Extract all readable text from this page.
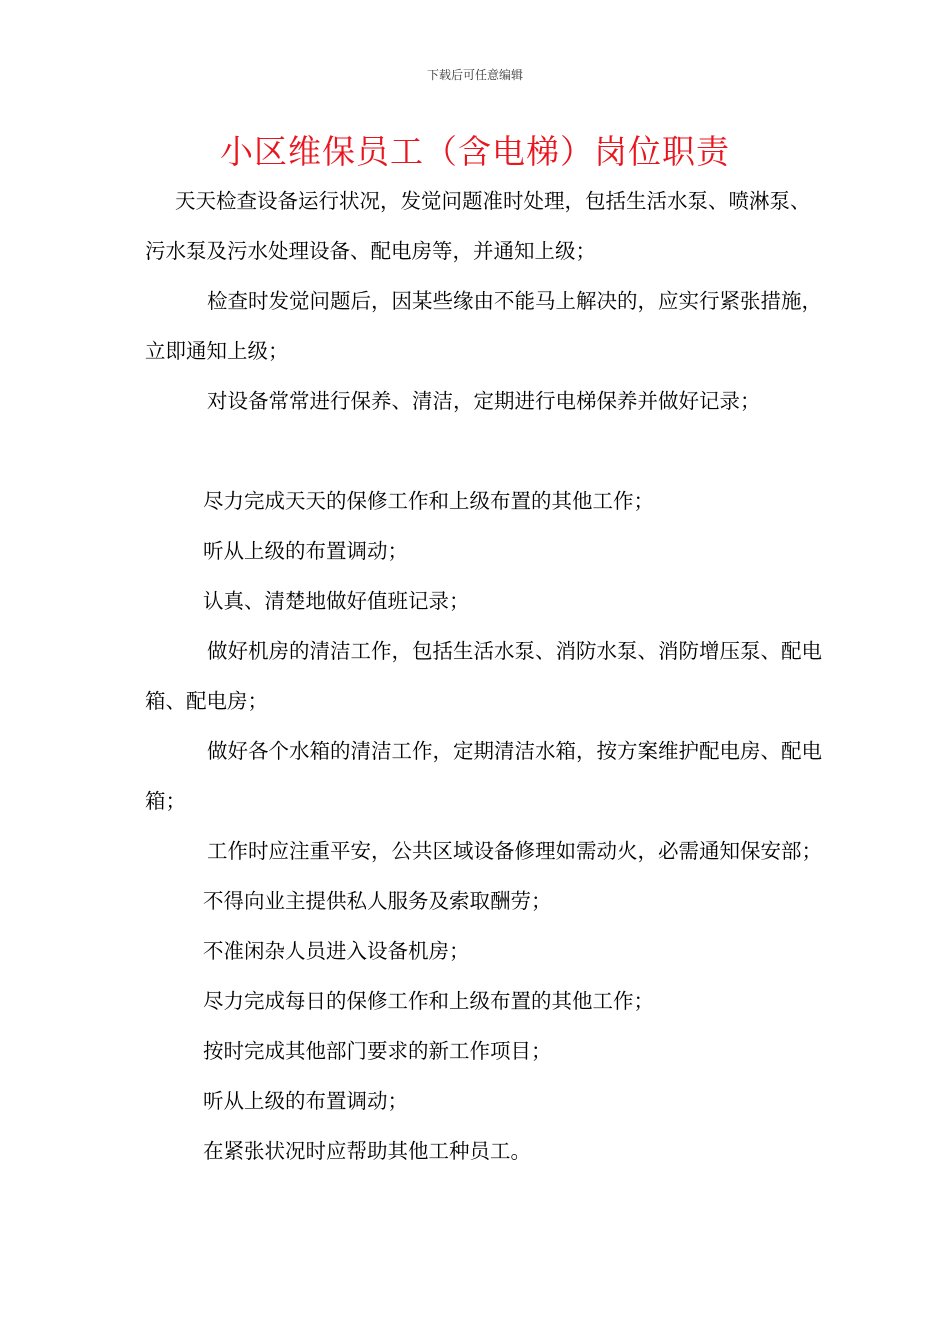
下载后可任意编辑
小区维保员工（含电梯）岗位职责

天天检查设备运行状况，发觉问题准时处理，包括生活水泵、喷淋泵、污水泵及污水处理设备、配电房等，并通知上级；

检查时发觉问题后，因某些缘由不能马上解决的，应实行紧张措施，立即通知上级；

对设备常常进行保养、清洁，定期进行电梯保养并做好记录；

尽力完成天天的保修工作和上级布置的其他工作；

听从上级的布置调动；

认真、清楚地做好值班记录；

做好机房的清洁工作，包括生活水泵、消防水泵、消防增压泵、配电箱、配电房；

做好各个水箱的清洁工作，定期清洁水箱，按方案维护配电房、配电箱；

工作时应注重平安，公共区域设备修理如需动火，必需通知保安部；

不得向业主提供私人服务及索取酬劳；

不准闲杂人员进入设备机房；

尽力完成每日的保修工作和上级布置的其他工作；

按时完成其他部门要求的新工作项目；

听从上级的布置调动；

在紧张状况时应帮助其他工种员工。
